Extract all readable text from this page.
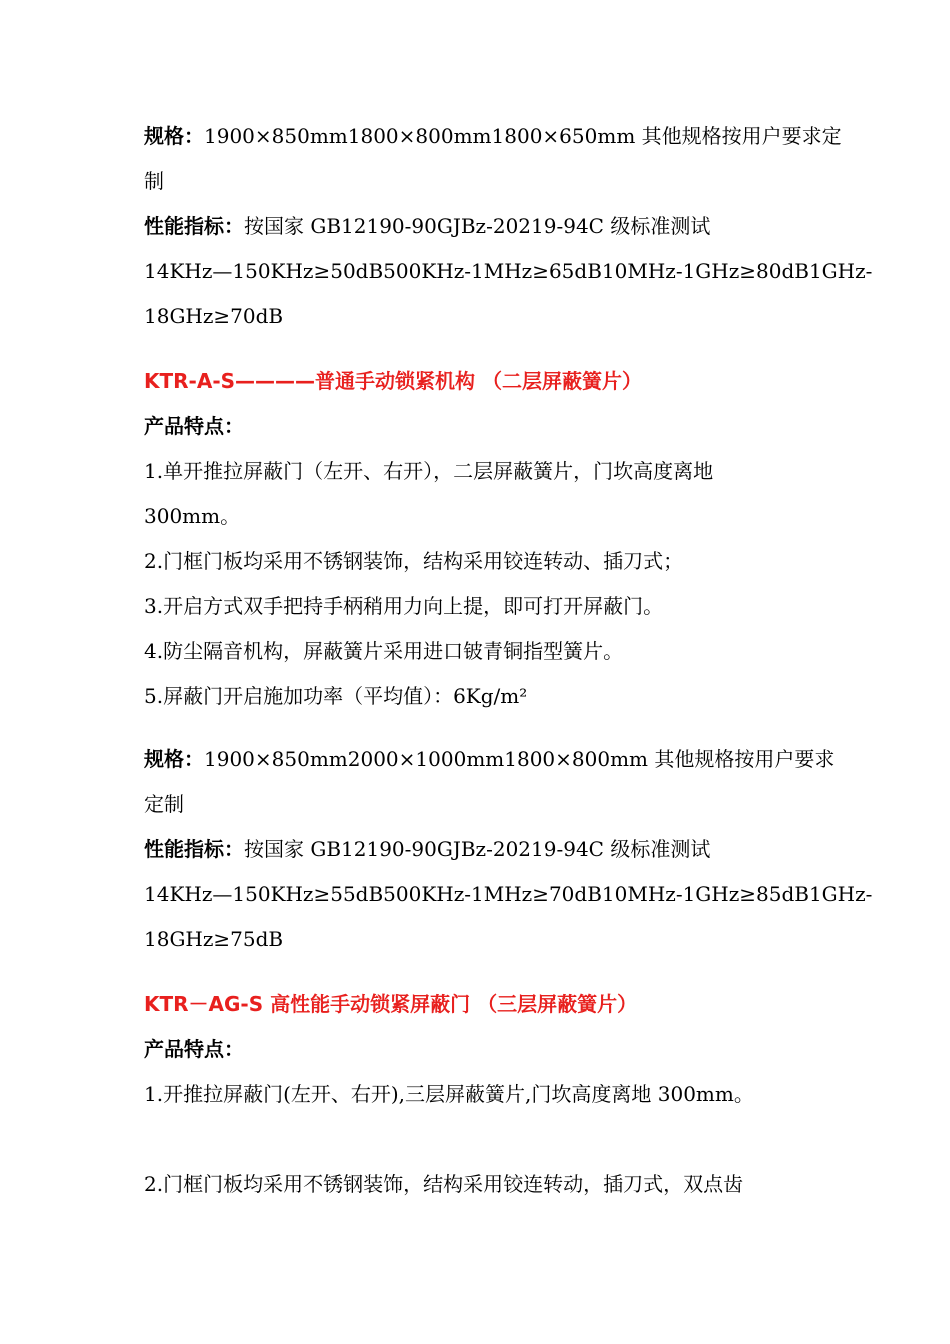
规格：1900×850mm1800×800mm1800×650mm 其他规格按用户要求定
制
性能指标：按国家 GB12190-90GJBz-20219-94C 级标准测试
14KHz—150KHz≥50dB500KHz-1MHz≥65dB10MHz-1GHz≥80dB1GHz-
18GHz≥70dB
KTR-A-S————普通手动锁紧机构 （二层屏蔽簧片）
产品特点：
1.单开推拉屏蔽门（左开、右开），二层屏蔽簧片，门坎高度离地
300mm。
2.门框门板均采用不锈钢装饰，结构采用铰连转动、插刀式；
3.开启方式双手把持手柄稍用力向上提，即可打开屏蔽门。
4.防尘隔音机构，屏蔽簧片采用进口铍青铜指型簧片。
5.屏蔽门开启施加功率（平均值）：6Kg/m²
规格：1900×850mm2000×1000mm1800×800mm 其他规格按用户要求
定制
性能指标：按国家 GB12190-90GJBz-20219-94C 级标准测试
14KHz—150KHz≥55dB500KHz-1MHz≥70dB10MHz-1GHz≥85dB1GHz-
18GHz≥75dB
KTR－AG-S 高性能手动锁紧屏蔽门 （三层屏蔽簧片）
产品特点：
1.开推拉屏蔽门(左开、右开),三层屏蔽簧片,门坎高度离地 300mm。
2.门框门板均采用不锈钢装饰，结构采用铰连转动，插刀式，双点齿
